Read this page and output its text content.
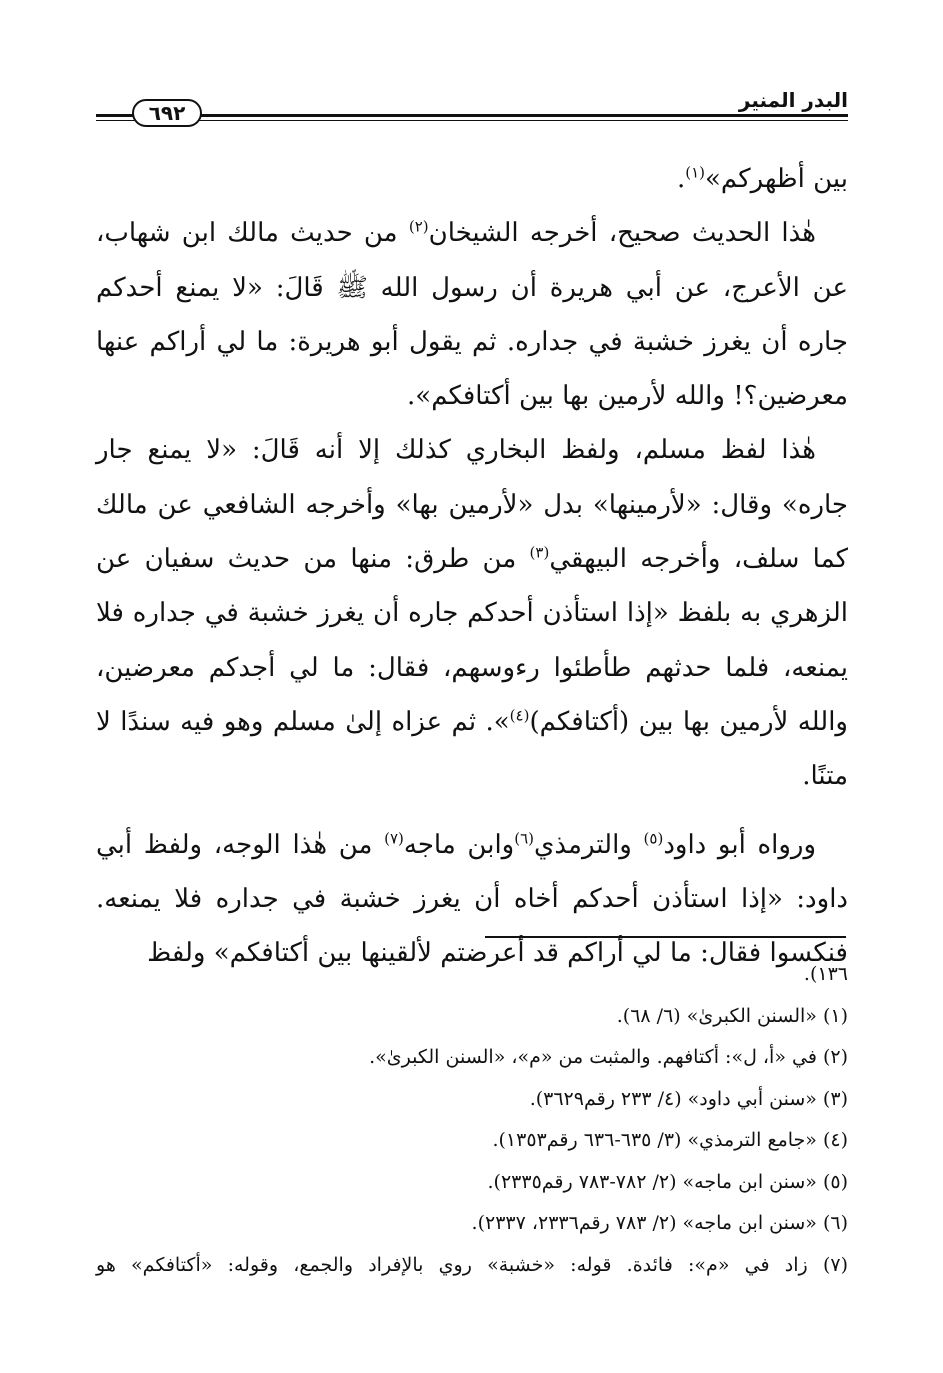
البدر المنير
٦٩٢

بين أظهركم»$^{(١)}$.

هٰذا الحديث صحيح، أخرجه الشيخان$^{(٢)}$ من حديث مالك ابن شهاب، عن الأعرج، عن أبي هريرة أن رسول الله ﷺ قَالَ: «لا يمنع أحدكم جاره أن يغرز خشبة في جداره. ثم يقول أبو هريرة: ما لي أراكم عنها معرضين؟! والله لأرمين بها بين أكتافكم».

هٰذا لفظ مسلم، ولفظ البخاري كذلك إلا أنه قَالَ: «لا يمنع جار جاره» وقال: «لأرمينها» بدل «لأرمين بها» وأخرجه الشافعي عن مالك كما سلف، وأخرجه البيهقي$^{(٣)}$ من طرق: منها من حديث سفيان عن الزهري به بلفظ «إذا استأذن أحدكم جاره أن يغرز خشبة في جداره فلا يمنعه، فلما حدثهم طأطئوا رءوسهم، فقال: ما لي أجدكم معرضين، والله لأرمين بها بين (أكتافكم)$^{(٤)}$». ثم عزاه إلىٰ مسلم وهو فيه سندًا لا متنًا.

ورواه أبو داود$^{(٥)}$ والترمذي$^{(٦)}$وابن ماجه$^{(٧)}$ من هٰذا الوجه، ولفظ أبي داود: «إذا استأذن أحدكم أخاه أن يغرز خشبة في جداره فلا يمنعه. فنكسوا فقال: ما لي أراكم قد أعرضتم لألقينها بين أكتافكم» ولفظ

١٣٦).
(١) «السنن الكبرىٰ» (٦/ ٦٨).
(٢) في «أ، ل»: أكتافهم. والمثبت من «م»، «السنن الكبرىٰ».
(٣) «سنن أبي داود» (٤/ ٢٣٣ رقم٣٦٢٩).
(٤) «جامع الترمذي» (٣/ ٦٣٥-٦٣٦ رقم١٣٥٣).
(٥) «سنن ابن ماجه» (٢/ ٧٨٢-٧٨٣ رقم٢٣٣٥).
(٦) «سنن ابن ماجه» (٢/ ٧٨٣ رقم٢٣٣٦، ٢٣٣٧).
(٧) زاد في «م»: فائدة. قوله: «خشبة» روي بالإفراد والجمع، وقوله: «أكتافكم» هو
